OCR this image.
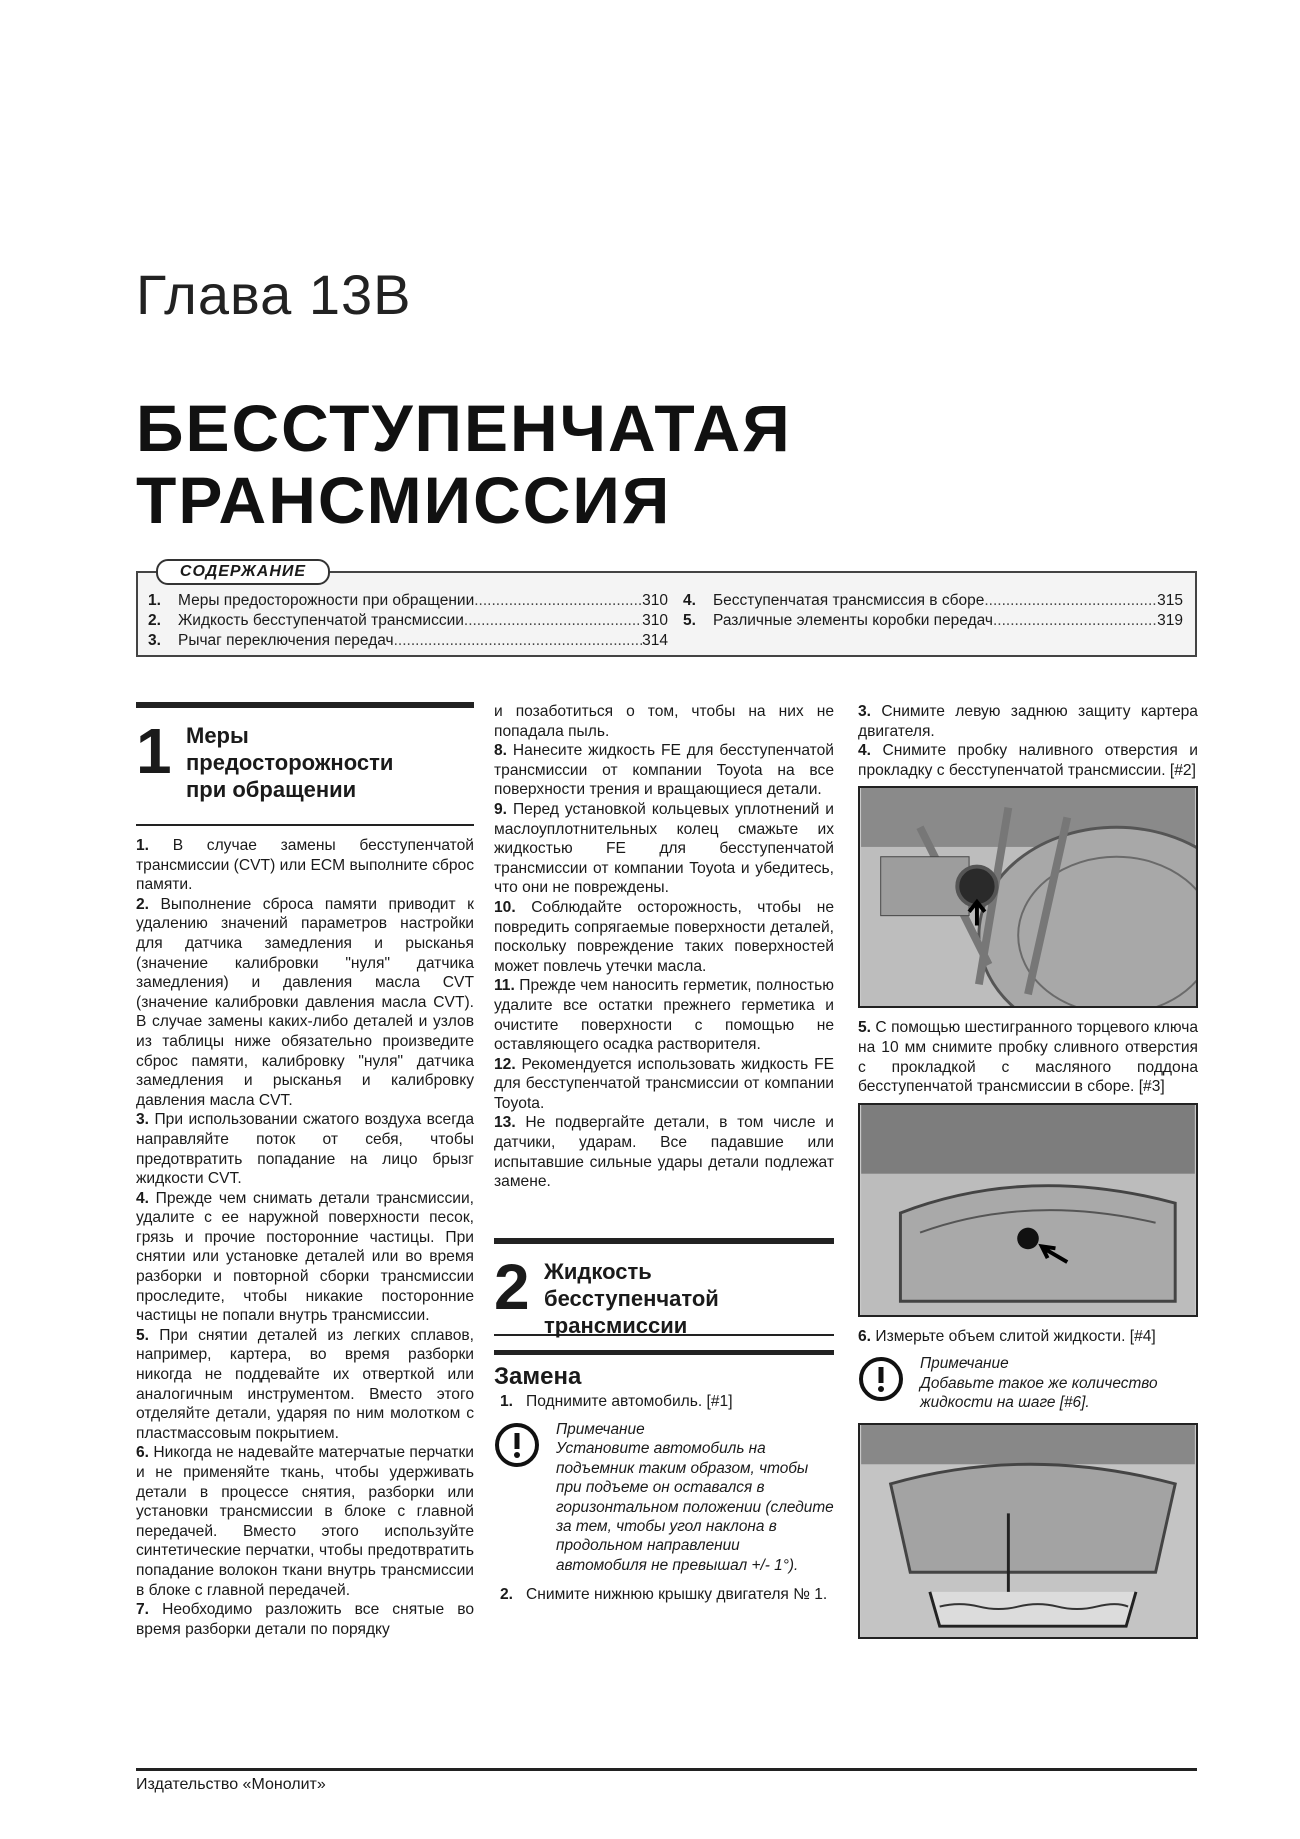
Глава 13B
БЕССТУПЕНЧАТАЯ
ТРАНСМИССИЯ
СОДЕРЖАНИЕ
1.	Меры предосторожности при обращении .....	310
2.	Жидкость бесступенчатой трансмиссии .....	310
3.	Рычаг переключения передач .....	314
4.	Бесступенчатая трансмиссия в сборе .....	315
5.	Различные элементы коробки передач .....	319
1 Меры предосторожности при обращении

1. В случае замены бесступенчатой трансмиссии (CVT) или ECM выполните сброс памяти.

2. Выполнение сброса памяти приводит к удалению значений параметров настройки для датчика замедления и рысканья (значение калибровки "нуля" датчика замедления) и давления масла CVT (значение калибровки давления масла CVT). В случае замены каких-либо деталей и узлов из таблицы ниже обязательно произведите сброс памяти, калибровку "нуля" датчика замедления и рысканья и калибровку давления масла CVT.

3. При использовании сжатого воздуха всегда направляйте поток от себя, чтобы предотвратить попадание на лицо брызг жидкости CVT.

4. Прежде чем снимать детали трансмиссии, удалите с ее наружной поверхности песок, грязь и прочие посторонние частицы. При снятии или установке деталей или во время разборки и повторной сборки трансмиссии проследите, чтобы никакие посторонние частицы не попали внутрь трансмиссии.

5. При снятии деталей из легких сплавов, например, картера, во время разборки никогда не поддевайте их отверткой или аналогичным инструментом. Вместо этого отделяйте детали, ударяя по ним молотком с пластмассовым покрытием.

6. Никогда не надевайте матерчатые перчатки и не применяйте ткань, чтобы удерживать детали в процессе снятия, разборки или установки трансмиссии в блоке с главной передачей. Вместо этого используйте синтетические перчатки, чтобы предотвратить попадание волокон ткани внутрь трансмиссии в блоке с главной передачей.

7. Необходимо разложить все снятые во время разборки детали по порядку

и позаботиться о том, чтобы на них не попадала пыль.

8. Нанесите жидкость FE для бесступенчатой трансмиссии от компании Toyota на все поверхности трения и вращающиеся детали.

9. Перед установкой кольцевых уплотнений и маслоуплотнительных колец смажьте их жидкостью FE для бесступенчатой трансмиссии от компании Toyota и убедитесь, что они не повреждены.

10. Соблюдайте осторожность, чтобы не повредить сопрягаемые поверхности деталей, поскольку повреждение таких поверхностей может повлечь утечки масла.

11. Прежде чем наносить герметик, полностью удалите все остатки прежнего герметика и очистите поверхности с помощью не оставляющего осадка растворителя.

12. Рекомендуется использовать жидкость FE для бесступенчатой трансмиссии от компании Toyota.

13. Не подвергайте детали, в том числе и датчики, ударам. Все падавшие или испытавшие сильные удары детали подлежат замене.

2 Жидкость бесступенчатой трансмиссии
Замена

1. Поднимите автомобиль. [#1]

Примечание
Установите автомобиль на подъемник таким образом, чтобы при подъеме он оставался в горизонтальном положении (следите за тем, чтобы угол наклона в продольном направлении автомобиля не превышал +/- 1°).

2. Снимите нижнюю крышку двигателя № 1.

3. Снимите левую заднюю защиту картера двигателя.

4. Снимите пробку наливного отверстия и прокладку с бесступенчатой трансмиссии. [#2]

5. С помощью шестигранного торцевого ключа на 10 мм снимите пробку сливного отверстия с прокладкой с масляного поддона бесступенчатой трансмиссии в сборе. [#3]

6. Измерьте объем слитой жидкости. [#4]

Примечание
Добавьте такое же количество жидкости на шаге [#6].
Издательство «Монолит»
